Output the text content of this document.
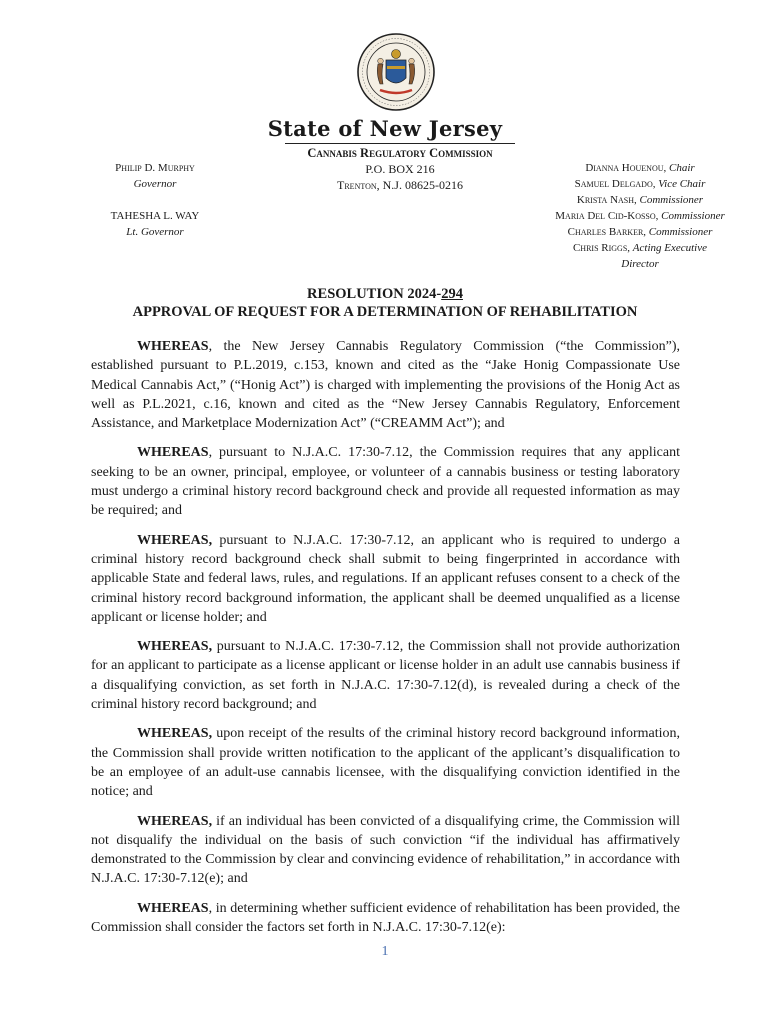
State of New Jersey
Philip D. Murphy
Governor
TAHESHA L. WAY
Lt. Governor
Cannabis Regulatory Commission
P.O. BOX 216
Trenton, N.J. 08625-0216
Dianna Houenou, Chair
Samuel Delgado, Vice Chair
Krista Nash, Commissioner
Maria Del Cid-Kosso, Commissioner
Charles Barker, Commissioner
Chris Riggs, Acting Executive
Director
RESOLUTION 2024-294
APPROVAL OF REQUEST FOR A DETERMINATION OF REHABILITATION

WHEREAS, the New Jersey Cannabis Regulatory Commission (“the Commission”), established pursuant to P.L.2019, c.153, known and cited as the “Jake Honig Compassionate Use Medical Cannabis Act,” (“Honig Act”) is charged with implementing the provisions of the Honig Act as well as P.L.2021, c.16, known and cited as the “New Jersey Cannabis Regulatory, Enforcement Assistance, and Marketplace Modernization Act” (“CREAMM Act”); and

WHEREAS, pursuant to N.J.A.C. 17:30-7.12, the Commission requires that any applicant seeking to be an owner, principal, employee, or volunteer of a cannabis business or testing laboratory must undergo a criminal history record background check and provide all requested information as may be required; and

WHEREAS, pursuant to N.J.A.C. 17:30-7.12, an applicant who is required to undergo a criminal history record background check shall submit to being fingerprinted in accordance with applicable State and federal laws, rules, and regulations. If an applicant refuses consent to a check of the criminal history record background information, the applicant shall be deemed unqualified as a license applicant or license holder; and

WHEREAS, pursuant to N.J.A.C. 17:30-7.12, the Commission shall not provide authorization for an applicant to participate as a license applicant or license holder in an adult use cannabis business if a disqualifying conviction, as set forth in N.J.A.C. 17:30-7.12(d), is revealed during a check of the criminal history record background; and

WHEREAS, upon receipt of the results of the criminal history record background information, the Commission shall provide written notification to the applicant of the applicant’s disqualification to be an employee of an adult-use cannabis licensee, with the disqualifying conviction identified in the notice; and

WHEREAS, if an individual has been convicted of a disqualifying crime, the Commission will not disqualify the individual on the basis of such conviction “if the individual has affirmatively demonstrated to the Commission by clear and convincing evidence of rehabilitation,” in accordance with N.J.A.C. 17:30-7.12(e); and

WHEREAS, in determining whether sufficient evidence of rehabilitation has been provided, the Commission shall consider the factors set forth in N.J.A.C. 17:30-7.12(e):

1
